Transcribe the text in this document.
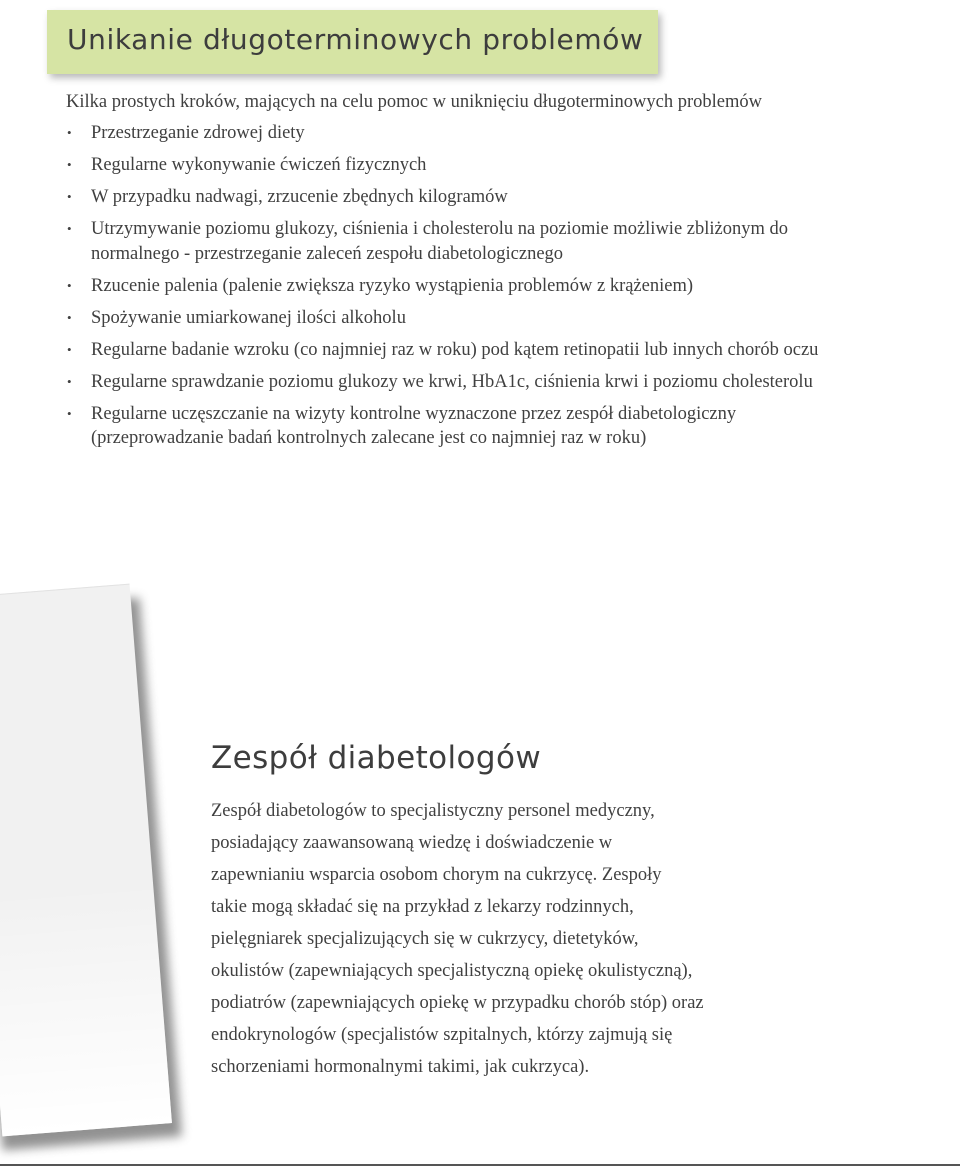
Unikanie długoterminowych problemów

Kilka prostych kroków, mających na celu pomoc w uniknięciu długoterminowych problemów

• Przestrzeganie zdrowej diety
• Regularne wykonywanie ćwiczeń fizycznych
• W przypadku nadwagi, zrzucenie zbędnych kilogramów
• Utrzymywanie poziomu glukozy, ciśnienia i cholesterolu na poziomie możliwie zbliżonym do normalnego - przestrzeganie zaleceń zespołu diabetologicznego
• Rzucenie palenia (palenie zwiększa ryzyko wystąpienia problemów z krążeniem)
• Spożywanie umiarkowanej ilości alkoholu
• Regularne badanie wzroku (co najmniej raz w roku) pod kątem retinopatii lub innych chorób oczu
• Regularne sprawdzanie poziomu glukozy we krwi, HbA1c, ciśnienia krwi i poziomu cholesterolu
• Regularne uczęszczanie na wizyty kontrolne wyznaczone przez zespół diabetologiczny (przeprowadzanie badań kontrolnych zalecane jest co najmniej raz w roku)
Zespół diabetologów
Zespół diabetologów to specjalistyczny personel medyczny,
posiadający zaawansowaną wiedzę i doświadczenie w
zapewnianiu wsparcia osobom chorym na cukrzycę. Zespoły
takie mogą składać się na przykład z lekarzy rodzinnych,
pielęgniarek specjalizujących się w cukrzycy, dietetyków,
okulistów (zapewniających specjalistyczną opiekę okulistyczną),
podiatrów (zapewniających opiekę w przypadku chorób stóp) oraz
endokrynologów (specjalistów szpitalnych, którzy zajmują się
schorzeniami hormonalnymi takimi, jak cukrzyca).
